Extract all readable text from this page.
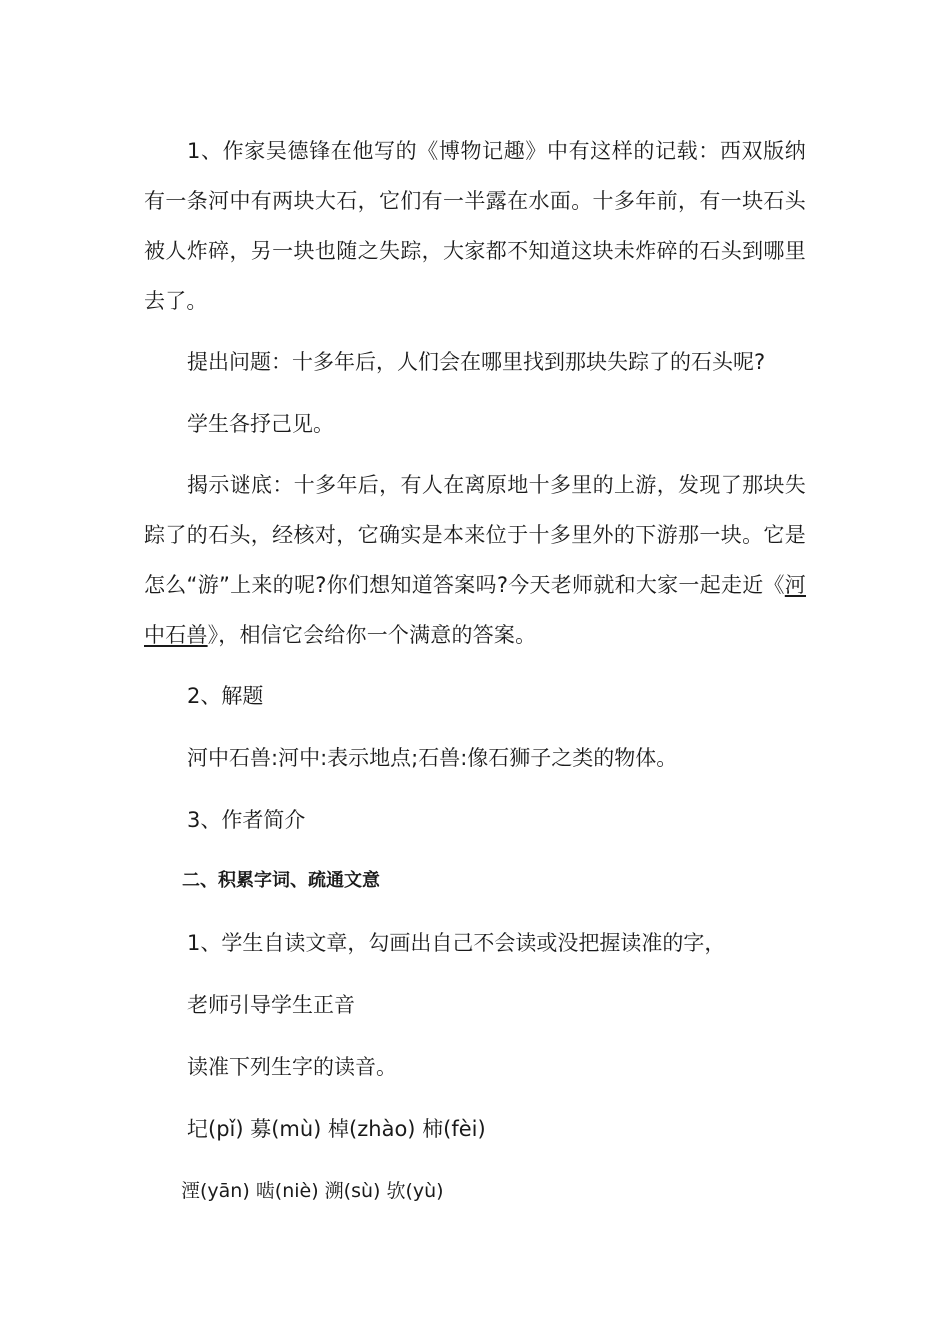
1、作家吴德锋在他写的《博物记趣》中有这样的记载：西双版纳有一条河中有两块大石，它们有一半露在水面。十多年前，有一块石头被人炸碎，另一块也随之失踪，大家都不知道这块未炸碎的石头到哪里去了。

提出问题：十多年后，人们会在哪里找到那块失踪了的石头呢?

学生各抒己见。

揭示谜底：十多年后，有人在离原地十多里的上游，发现了那块失踪了的石头，经核对，它确实是本来位于十多里外的下游那一块。它是怎么“游”上来的呢?你们想知道答案吗?今天老师就和大家一起走近《河中石兽》，相信它会给你一个满意的答案。

2、解题

河中石兽:河中:表示地点;石兽:像石狮子之类的物体。

3、作者简介

二、积累字词、疏通文意

1、学生自读文章，勾画出自己不会读或没把握读准的字，

老师引导学生正音

读准下列生字的读音。

圮(pǐ) 募(mù) 棹(zhào) 柿(fèi)

湮(yān) 啮(niè) 溯(sù) 欤(yù)
